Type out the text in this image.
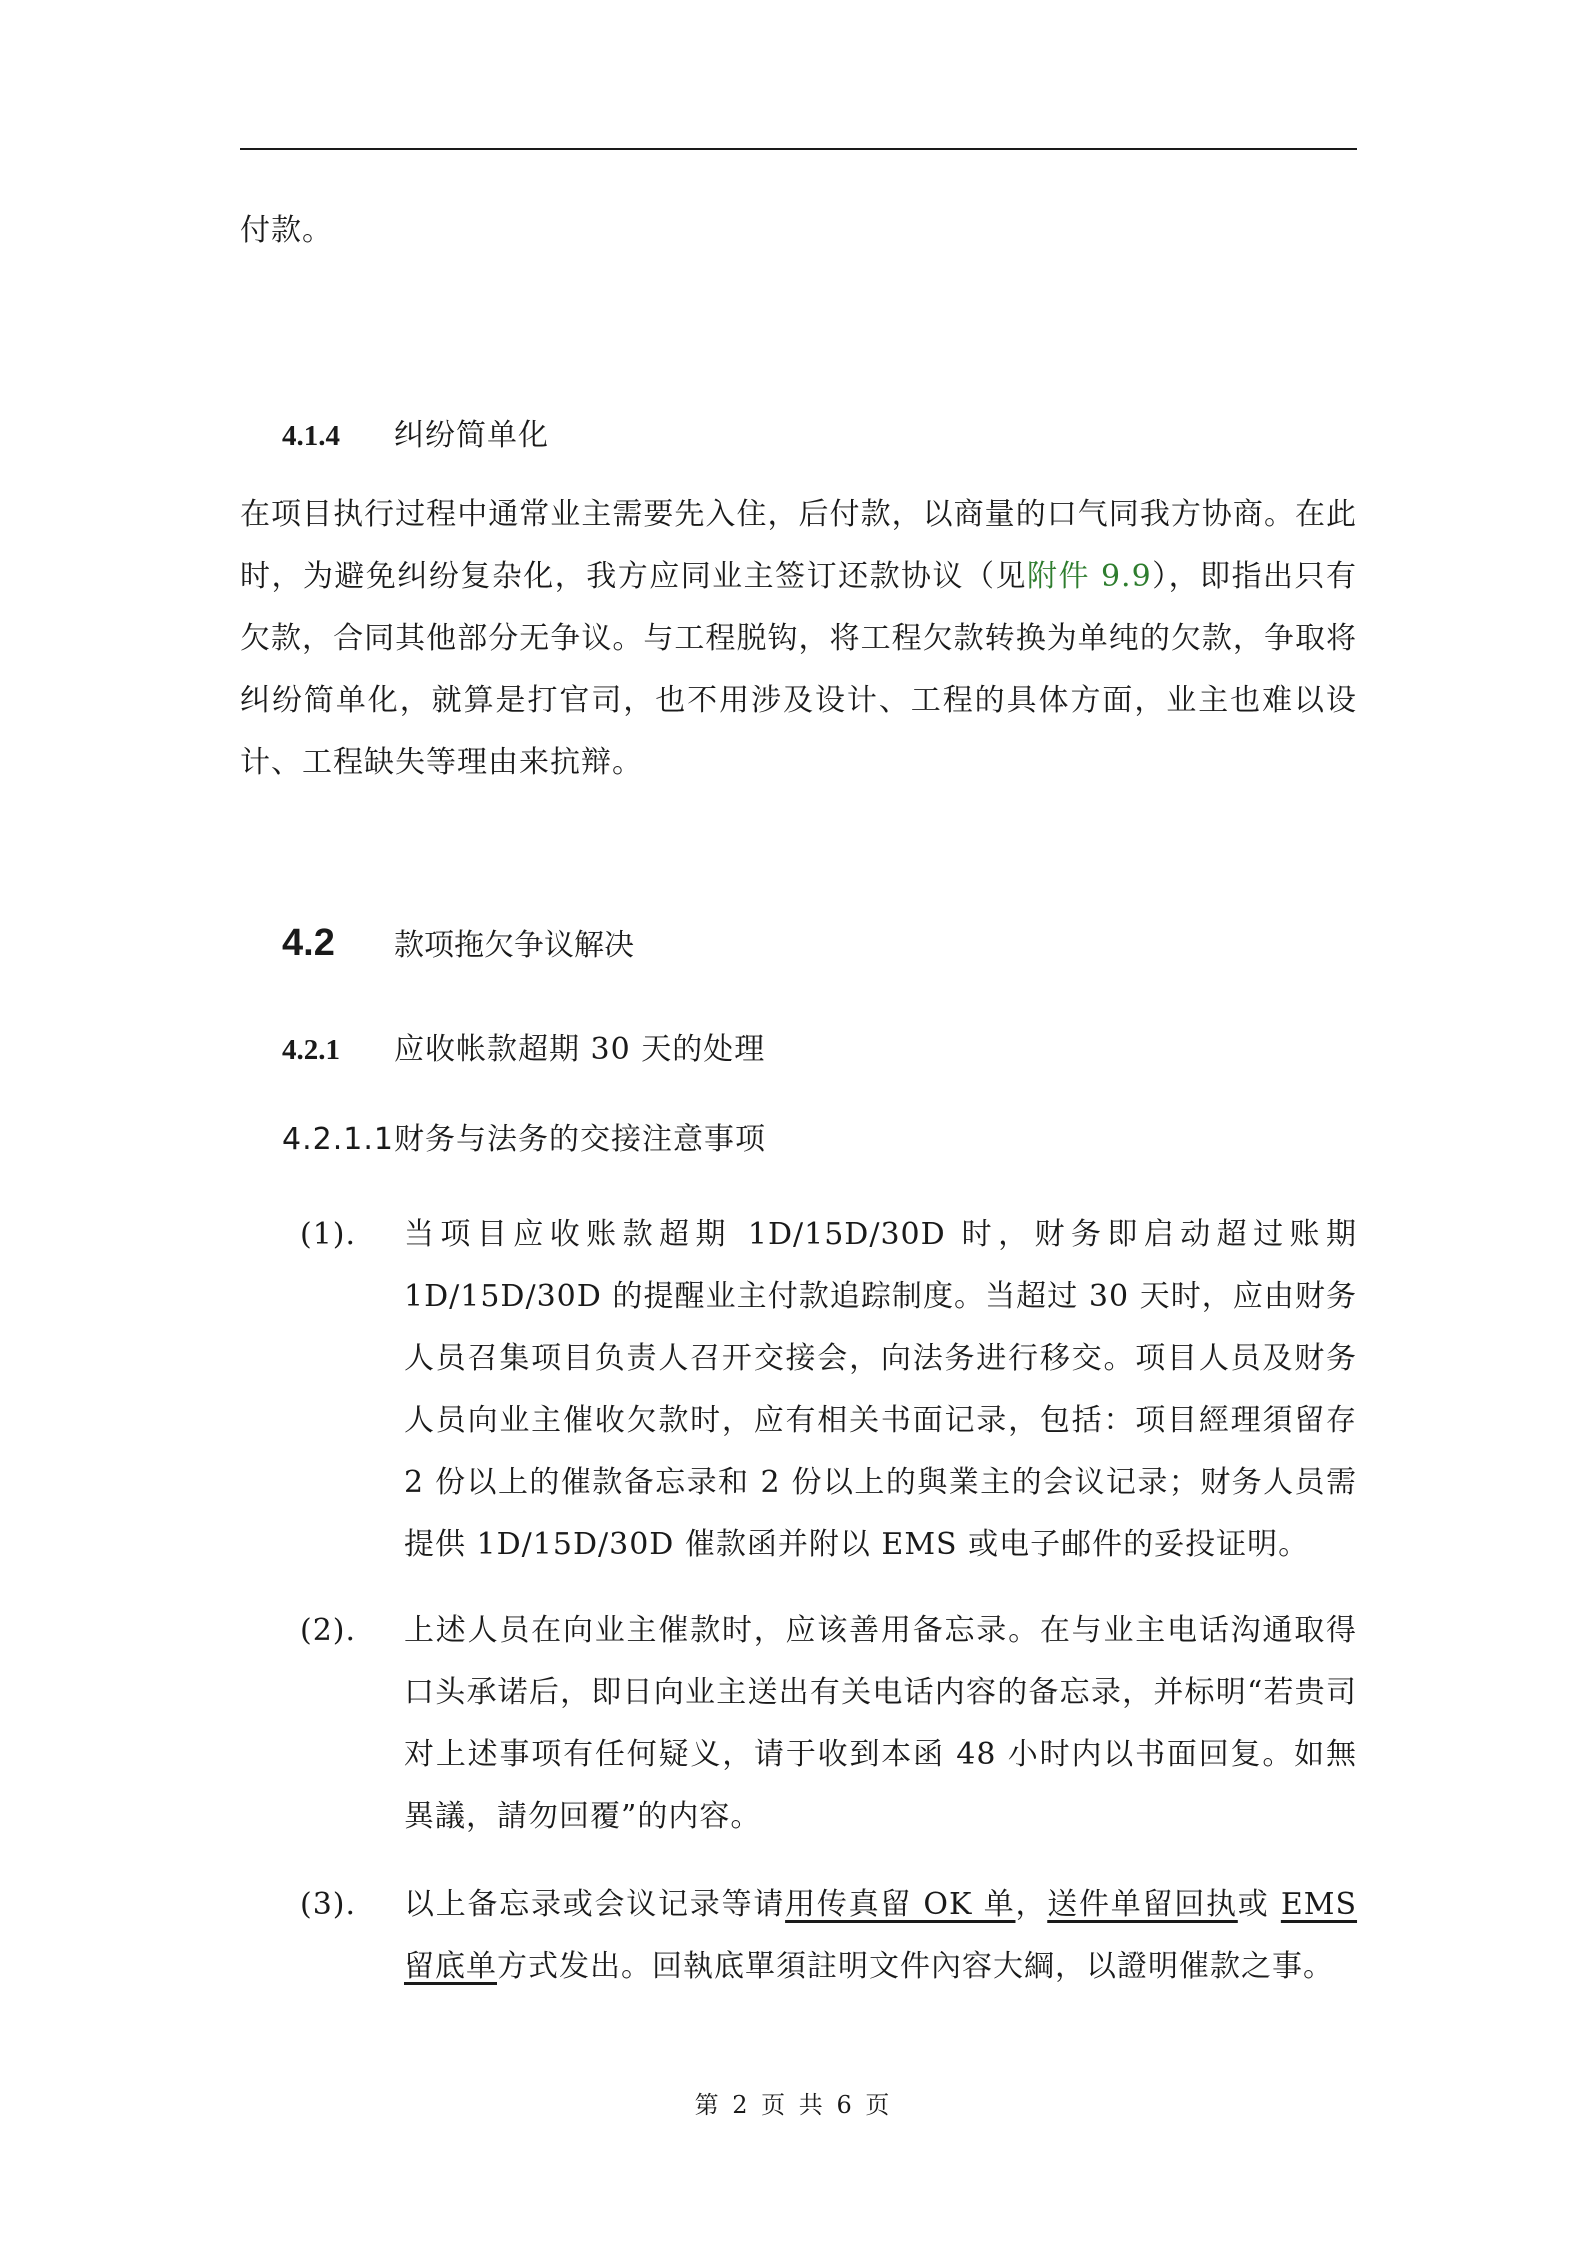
付款。
4.1.4	纠纷简单化
在项目执行过程中通常业主需要先入住，后付款，以商量的口气同我方协商。在此时，为避免纠纷复杂化，我方应同业主签订还款协议（见附件 9.9），即指出只有欠款，合同其他部分无争议。与工程脱钩，将工程欠款转换为单纯的欠款，争取将纠纷简单化，就算是打官司，也不用涉及设计、工程的具体方面，业主也难以设计、工程缺失等理由来抗辩。
4.2	款项拖欠争议解决
4.2.1	应收帐款超期 30 天的处理
4.2.1.1财务与法务的交接注意事项
(1).	当项目应收账款超期 1D/15D/30D 时，财务即启动超过账期 1D/15D/30D 的提醒业主付款追踪制度。当超过 30 天时，应由财务人员召集项目负责人召开交接会，向法务进行移交。项目人员及财务人员向业主催收欠款时，应有相关书面记录，包括：项目經理須留存 2 份以上的催款备忘录和 2 份以上的與業主的会议记录；财务人员需提供 1D/15D/30D 催款函并附以 EMS 或电子邮件的妥投证明。
(2).	上述人员在向业主催款时，应该善用备忘录。在与业主电话沟通取得口头承诺后，即日向业主送出有关电话内容的备忘录，并标明“若贵司对上述事项有任何疑义，请于收到本函 48 小时内以书面回复。如無異議，請勿回覆”的内容。
(3).	以上备忘录或会议记录等请用传真留 OK 单，送件单留回执或 EMS 留底单方式发出。回執底單須註明文件內容大綱，以證明催款之事。
第 2 页 共 6 页
